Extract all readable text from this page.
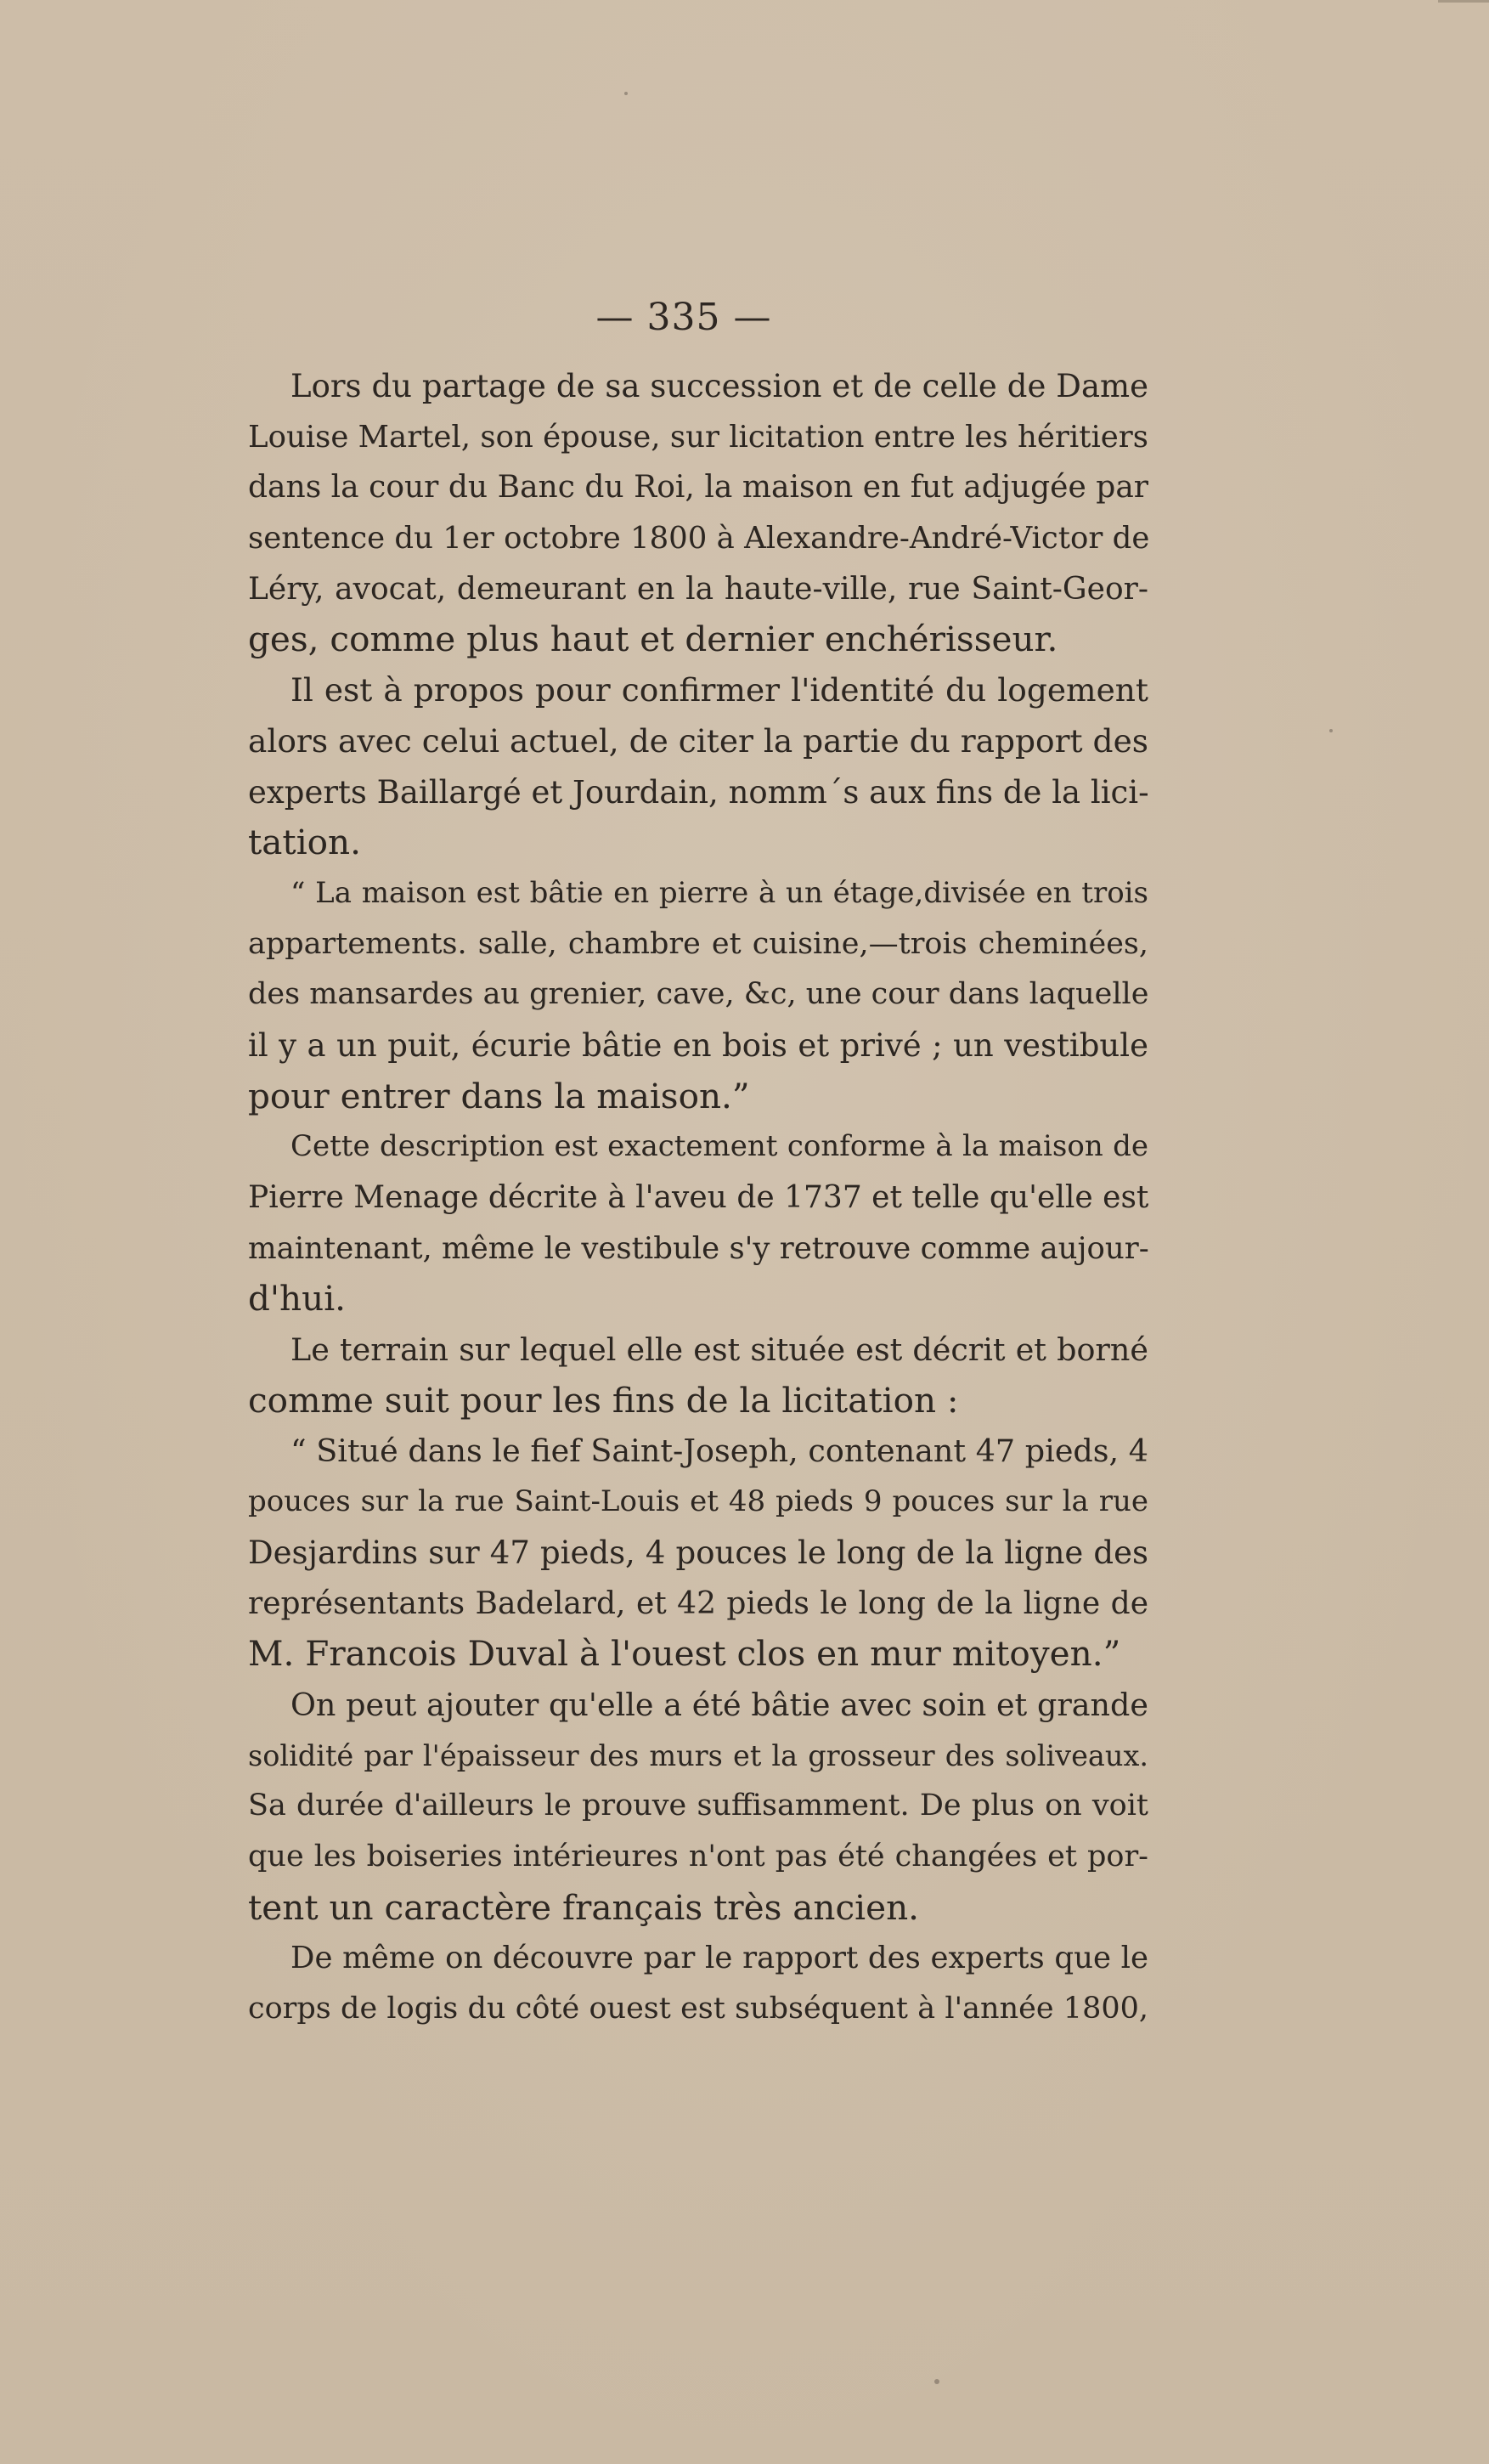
— 335 —
Lors du partage de sa succession et de celle de Dame
Louise Martel, son épouse, sur licitation entre les héritiers
dans la cour du Banc du Roi, la maison en fut adjugée par
sentence du 1er octobre 1800 à Alexandre-André-Victor de
Léry, avocat, demeurant en la haute-ville, rue Saint-Geor-
ges, comme plus haut et dernier enchérisseur.
Il est à propos pour confirmer l'identité du logement
alors avec celui actuel, de citer la partie du rapport des
experts Baillargé et Jourdain, nomm´s aux fins de la lici-
tation.
“ La maison est bâtie en pierre à un étage,divisée en trois
appartements. salle, chambre et cuisine,—trois cheminées,
des mansardes au grenier, cave, &c, une cour dans laquelle
il y a un puit, écurie bâtie en bois et privé ; un vestibule
pour entrer dans la maison.”
Cette description est exactement conforme à la maison de
Pierre Menage décrite à l'aveu de 1737 et telle qu'elle est
maintenant, même le vestibule s'y retrouve comme aujour-
d'hui.
Le terrain sur lequel elle est située est décrit et borné
comme suit pour les fins de la licitation :
“ Situé dans le fief Saint-Joseph, contenant 47 pieds, 4
pouces sur la rue Saint-Louis et 48 pieds 9 pouces sur la rue
Desjardins sur 47 pieds, 4 pouces le long de la ligne des
représentants Badelard, et 42 pieds le long de la ligne de
M. Francois Duval à l'ouest clos en mur mitoyen.”
On peut ajouter qu'elle a été bâtie avec soin et grande
solidité par l'épaisseur des murs et la grosseur des soliveaux.
Sa durée d'ailleurs le prouve suffisamment. De plus on voit
que les boiseries intérieures n'ont pas été changées et por-
tent un caractère français très ancien.
De même on découvre par le rapport des experts que le
corps de logis du côté ouest est subséquent à l'année 1800,
